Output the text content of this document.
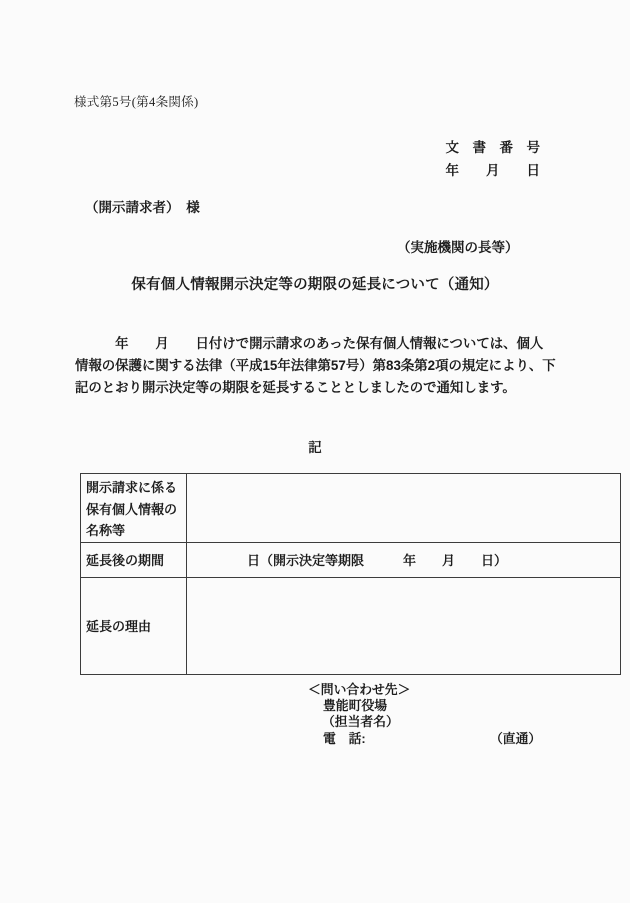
様式第5号(第4条関係)
文　書　番　号
年　　月　　日
（開示請求者）　様
（実施機関の長等）
保有個人情報開示決定等の期限の延長について（通知）
　　　年　　月　　日付けで開示請求のあった保有個人情報については、個人
情報の保護に関する法律（平成15年法律第57号）第83条第2項の規定により、下
記のとおり開示決定等の期限を延長することとしましたので通知します。
記
開示請求に係る
保有個人情報の
名称等	

延長後の期間	日（開示決定等期限　　　年　　月　　日）
延長の理由	
＜問い合わせ先＞
豊能町役場
（担当者名）
電　話:	（直通）
